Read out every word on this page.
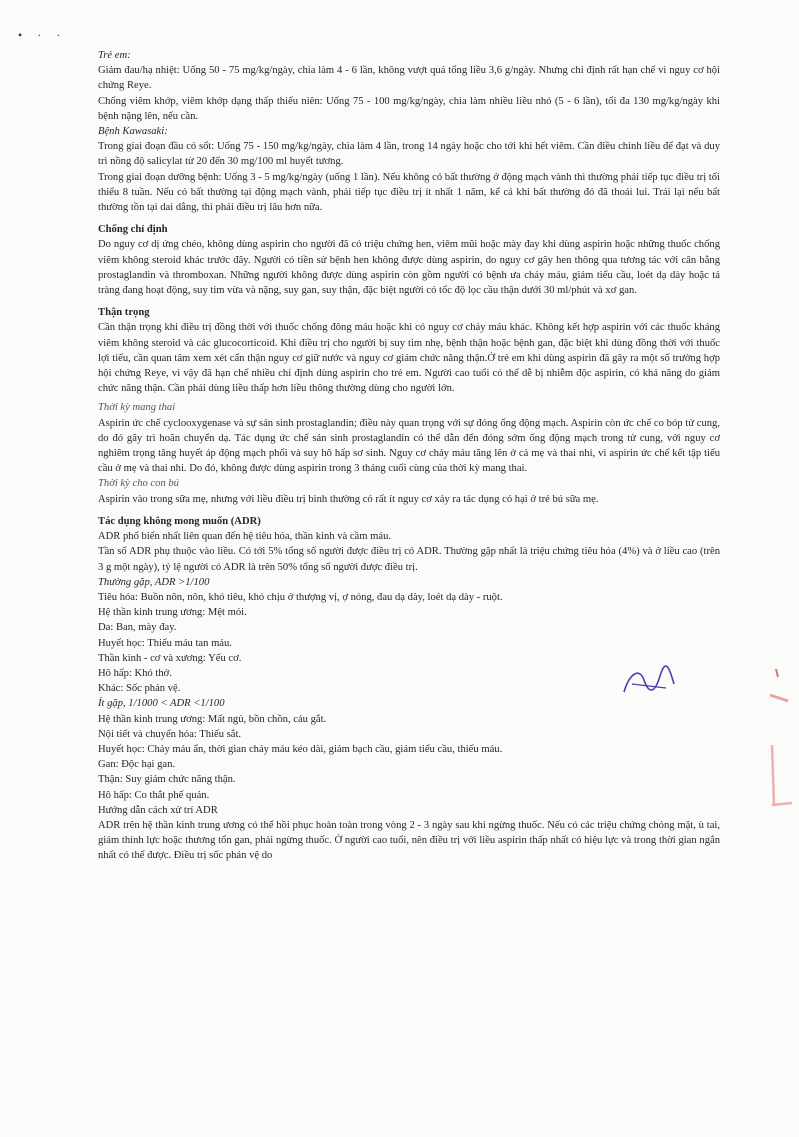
• · ·

Trẻ em:

Giảm đau/hạ nhiệt: Uống 50 - 75 mg/kg/ngày, chia làm 4 - 6 lần, không vượt quá tổng liều 3,6 g/ngày. Nhưng chỉ định rất hạn chế vì nguy cơ hội chứng Reye.

Chống viêm khớp, viêm khớp dạng thấp thiếu niên: Uống 75 - 100 mg/kg/ngày, chia làm nhiều liều nhỏ (5 - 6 lần), tối đa 130 mg/kg/ngày khi bệnh nặng lên, nếu cần.

Bệnh Kawasaki:

Trong giai đoạn đầu có sốt: Uống 75 - 150 mg/kg/ngày, chia làm 4 lần, trong 14 ngày hoặc cho tới khi hết viêm. Cần điều chỉnh liều để đạt và duy trì nồng độ salicylat từ 20 đến 30 mg/100 ml huyết tương.

Trong giai đoạn dưỡng bệnh: Uống 3 - 5 mg/kg/ngày (uống 1 lần). Nếu không có bất thường ở động mạch vành thì thường phải tiếp tục điều trị tối thiểu 8 tuần. Nếu có bất thường tại động mạch vành, phải tiếp tục điều trị ít nhất 1 năm, kể cả khi bất thường đó đã thoái lui. Trái lại nếu bất thường tồn tại dai dẳng, thì phải điều trị lâu hơn nữa.

Chống chỉ định

Do nguy cơ dị ứng chéo, không dùng aspirin cho người đã có triệu chứng hen, viêm mũi hoặc mày đay khi dùng aspirin hoặc những thuốc chống viêm không steroid khác trước đây. Người có tiền sử bệnh hen không được dùng aspirin, do nguy cơ gây hen thông qua tương tác với cân bằng prostaglandin và thromboxan. Những người không được dùng aspirin còn gồm người có bệnh ưa chảy máu, giảm tiểu cầu, loét dạ dày hoặc tá tràng đang hoạt động, suy tim vừa và nặng, suy gan, suy thận, đặc biệt người có tốc độ lọc cầu thận dưới 30 ml/phút và xơ gan.

Thận trọng

Cần thận trọng khi điều trị đồng thời với thuốc chống đông máu hoặc khi có nguy cơ chảy máu khác. Không kết hợp aspirin với các thuốc kháng viêm không steroid và các glucocorticoid. Khi điều trị cho người bị suy tim nhẹ, bệnh thận hoặc bệnh gan, đặc biệt khi dùng đồng thời với thuốc lợi tiểu, cần quan tâm xem xét cẩn thận nguy cơ giữ nước và nguy cơ giảm chức năng thận.Ở trẻ em khi dùng aspirin đã gây ra một số trường hợp hội chứng Reye, vì vậy đã hạn chế nhiều chỉ định dùng aspirin cho trẻ em. Người cao tuổi có thể dễ bị nhiễm độc aspirin, có khả năng do giảm chức năng thận. Cần phải dùng liều thấp hơn liều thông thường dùng cho người lớn.

Thời kỳ mang thai

Aspirin ức chế cyclooxygenase và sự sản sinh prostaglandin; điều này quan trọng với sự đóng ống động mạch. Aspirin còn ức chế co bóp tử cung, do đó gây trì hoãn chuyển dạ. Tác dụng ức chế sản sinh prostaglandin có thể dẫn đến đóng sớm ống động mạch trong tử cung, với nguy cơ nghiêm trọng tăng huyết áp động mạch phổi và suy hô hấp sơ sinh. Nguy cơ chảy máu tăng lên ở cả mẹ và thai nhi, vì aspirin ức chế kết tập tiểu cầu ở mẹ và thai nhi. Do đó, không được dùng aspirin trong 3 tháng cuối cùng của thời kỳ mang thai.

Thời kỳ cho con bú

Aspirin vào trong sữa mẹ, nhưng với liều điều trị bình thường có rất ít nguy cơ xảy ra tác dụng có hại ở trẻ bú sữa mẹ.

Tác dụng không mong muốn (ADR)

ADR phổ biến nhất liên quan đến hệ tiêu hóa, thần kinh và cầm máu.

Tần số ADR phụ thuộc vào liều. Có tới 5% tổng số người được điều trị có ADR. Thường gặp nhất là triệu chứng tiêu hóa (4%) và ở liều cao (trên 3 g một ngày), tỷ lệ người có ADR là trên 50% tổng số người được điều trị.

Thường gặp, ADR >1/100

Tiêu hóa: Buồn nôn, nôn, khó tiêu, khó chịu ở thượng vị, ợ nóng, đau dạ dày, loét dạ dày - ruột.

Hệ thần kinh trung ương: Mệt mỏi.

Da: Ban, mày đay.

Huyết học: Thiếu máu tan máu.

Thần kinh - cơ và xương: Yếu cơ.

Hô hấp: Khó thở.

Khác: Sốc phản vệ.

Ít gặp, 1/1000 < ADR <1/100

Hệ thần kinh trung ương: Mất ngủ, bồn chồn, cáu gắt.

Nội tiết và chuyển hóa: Thiếu sắt.

Huyết học: Chảy máu ẩn, thời gian chảy máu kéo dài, giảm bạch cầu, giảm tiểu cầu, thiếu máu.

Gan: Độc hại gan.

Thận: Suy giảm chức năng thận.

Hô hấp: Co thắt phế quản.

Hướng dẫn cách xử trí ADR

ADR trên hệ thần kinh trung ương có thể hồi phục hoàn toàn trong vòng 2 - 3 ngày sau khi ngừng thuốc. Nếu có các triệu chứng chóng mặt, ù tai, giảm thính lực hoặc thương tổn gan, phải ngừng thuốc. Ở người cao tuổi, nên điều trị với liều aspirin thấp nhất có hiệu lực và trong thời gian ngắn nhất có thể được. Điều trị sốc phản vệ do
